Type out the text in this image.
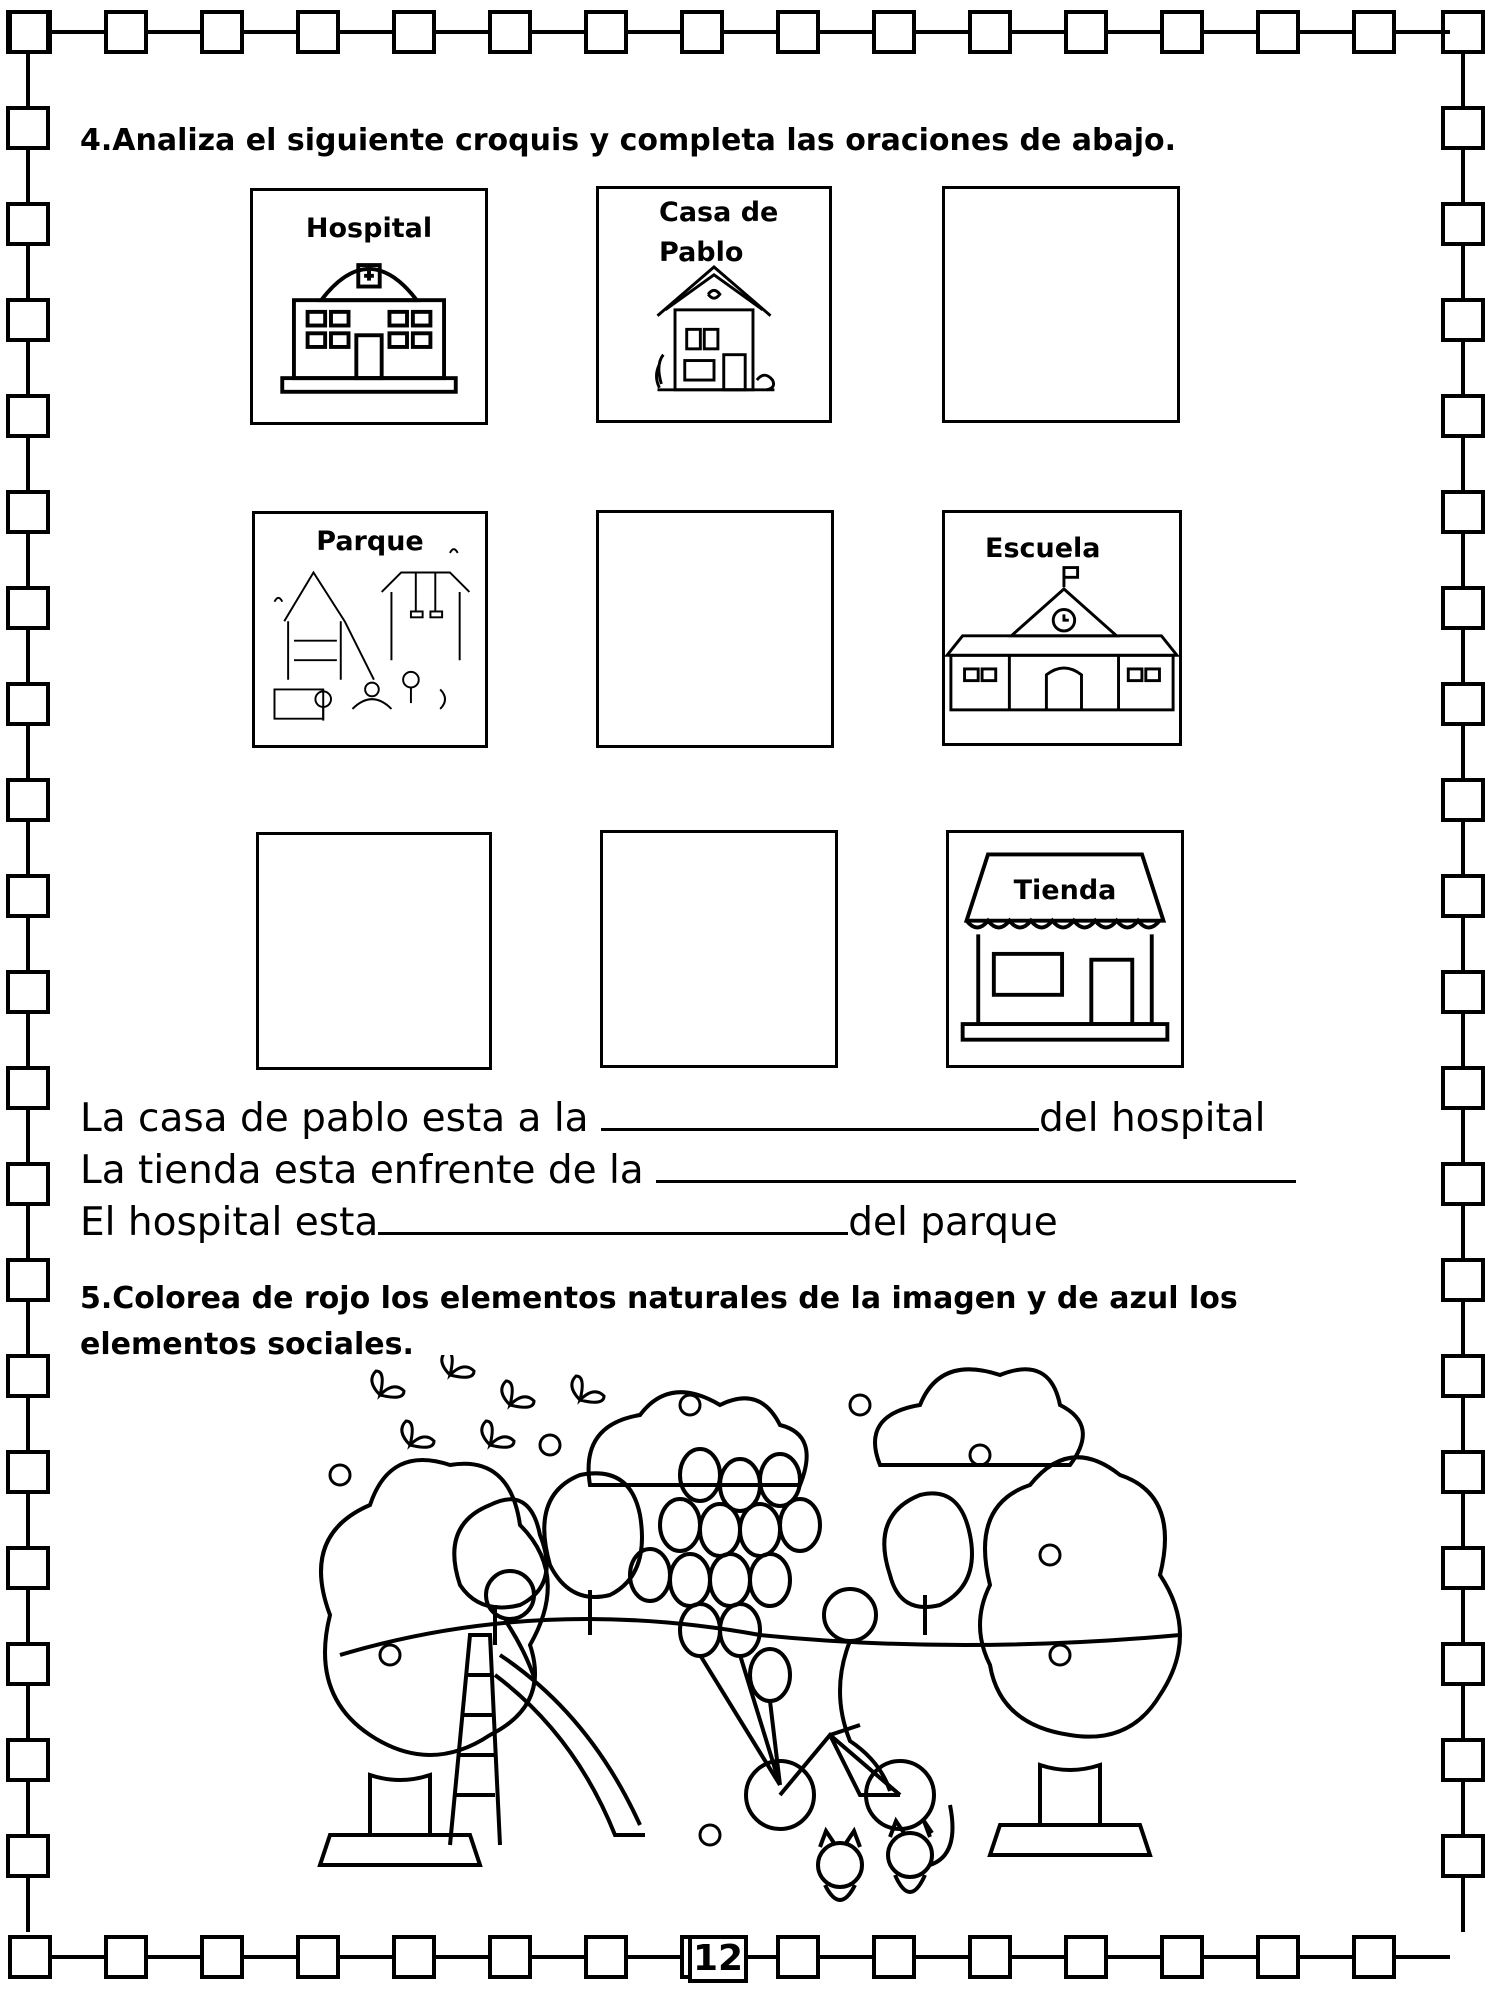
4.Analiza el siguiente croquis y completa las oraciones de abajo.
Hospital
Casa de
Pablo
Parque	Escuela
Tienda
La casa de pablo esta a la	del hospital
La tienda esta enfrente de la
El hospital esta	del parque
5.Colorea de rojo los elementos naturales de la imagen y de azul los elementos sociales.
12
